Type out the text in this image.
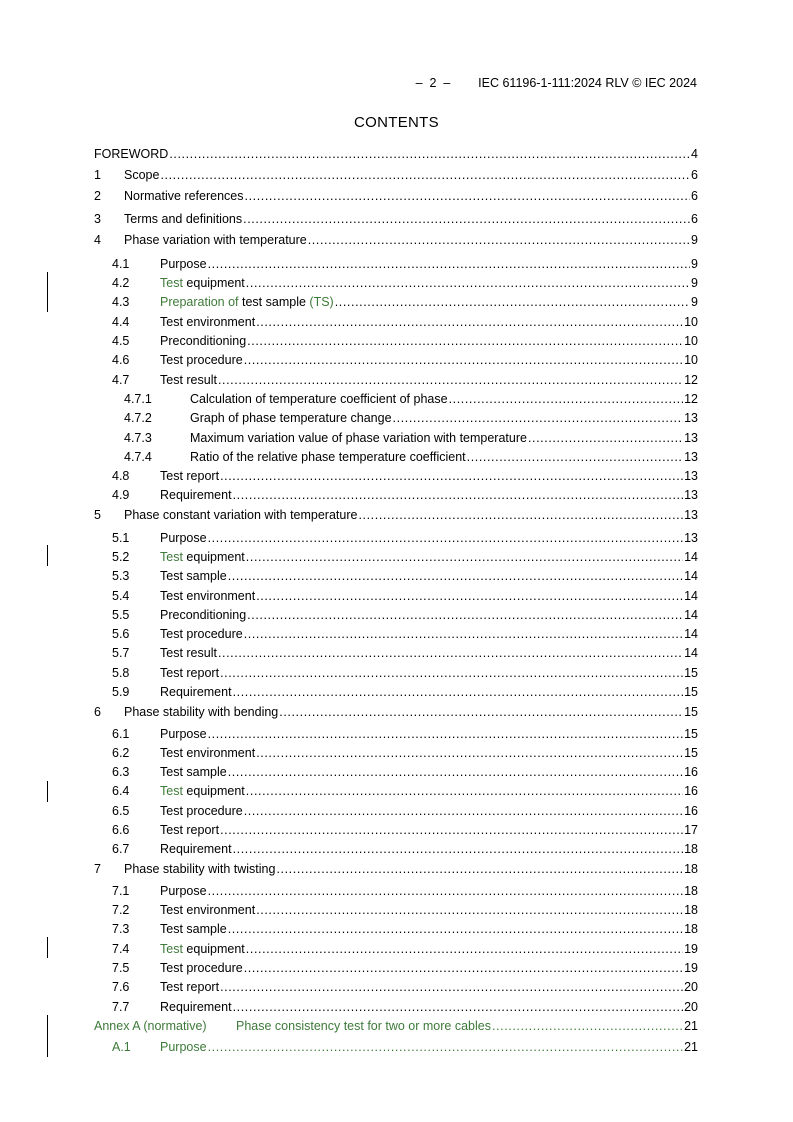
–  2  –        IEC 61196-1-111:2024 RLV © IEC 2024
CONTENTS
FOREWORD .....	4
1	Scope .....	6
2	Normative references .....	6
3	Terms and definitions .....	6
4	Phase variation with temperature .....	9
4.1	Purpose .....	9
4.2	Test equipment .....	9
4.3	Preparation of test sample (TS) .....	9
4.4	Test environment .....	10
4.5	Preconditioning .....	10
4.6	Test procedure .....	10
4.7	Test result .....	12
4.7.1	Calculation of temperature coefficient of phase .....	12
4.7.2	Graph of phase temperature change .....	13
4.7.3	Maximum variation value of phase variation with temperature .....	13
4.7.4	Ratio of the relative phase temperature coefficient .....	13
4.8	Test report .....	13
4.9	Requirement .....	13
5	Phase constant variation with temperature .....	13
5.1	Purpose .....	13
5.2	Test equipment .....	14
5.3	Test sample .....	14
5.4	Test environment .....	14
5.5	Preconditioning .....	14
5.6	Test procedure .....	14
5.7	Test result .....	14
5.8	Test report .....	15
5.9	Requirement .....	15
6	Phase stability with bending .....	15
6.1	Purpose .....	15
6.2	Test environment .....	15
6.3	Test sample .....	16
6.4	Test equipment .....	16
6.5	Test procedure .....	16
6.6	Test report .....	17
6.7	Requirement .....	18
7	Phase stability with twisting .....	18
7.1	Purpose .....	18
7.2	Test environment .....	18
7.3	Test sample .....	18
7.4	Test equipment .....	19
7.5	Test procedure .....	19
7.6	Test report .....	20
7.7	Requirement .....	20
Annex A (normative)	Phase consistency test for two or more cables .....	21
A.1	Purpose .....	21
